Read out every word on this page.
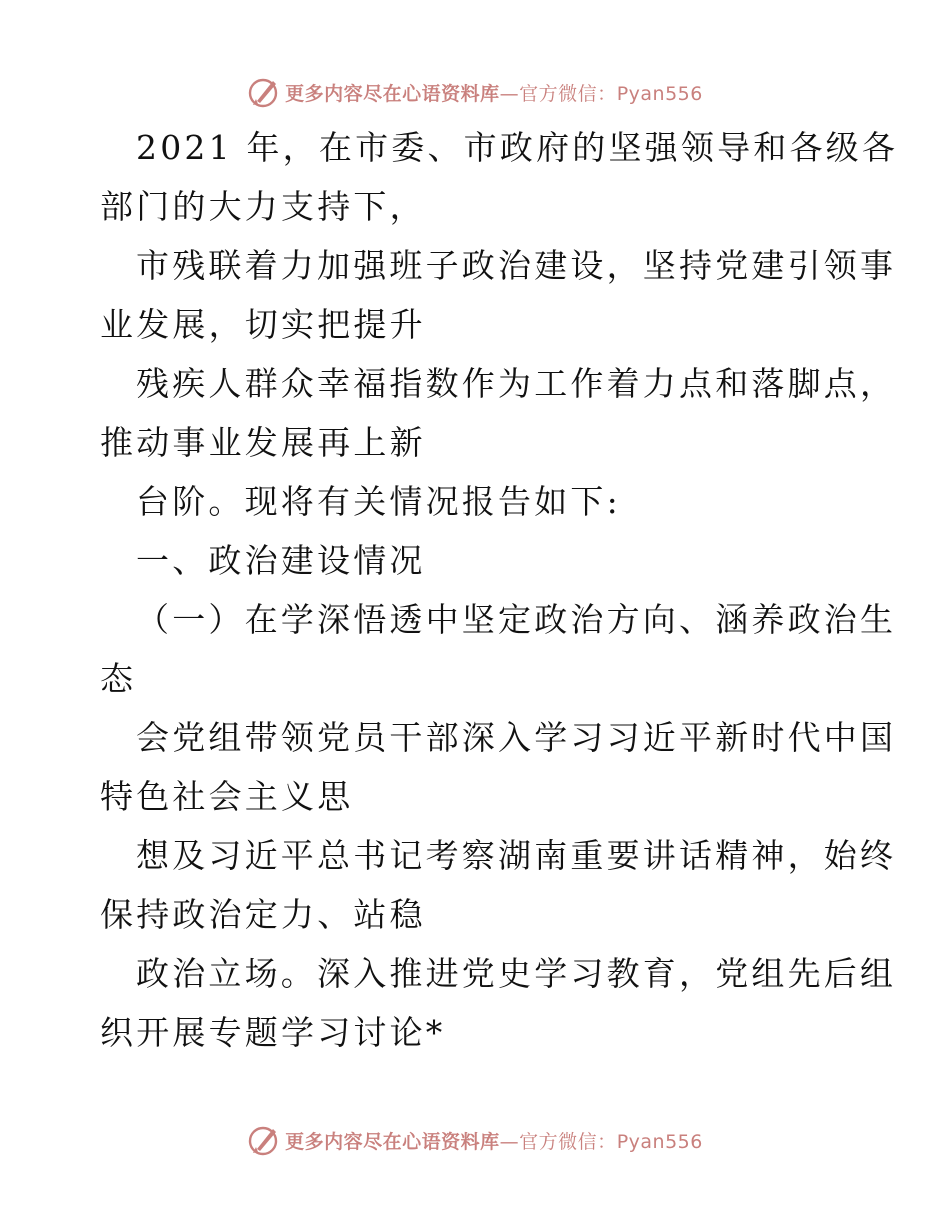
更多内容尽在心语资料库—官方微信：Pyan556
2021 年，在市委、市政府的坚强领导和各级各
部门的大力支持下，
市残联着力加强班子政治建设，坚持党建引领事
业发展，切实把提升
残疾人群众幸福指数作为工作着力点和落脚点，
推动事业发展再上新
台阶。现将有关情况报告如下:
一、政治建设情况
（一）在学深悟透中坚定政治方向、涵养政治生
态
会党组带领党员干部深入学习习近平新时代中国
特色社会主义思
想及习近平总书记考察湖南重要讲话精神，始终
保持政治定力、站稳
政治立场。深入推进党史学习教育，党组先后组
织开展专题学习讨论*
更多内容尽在心语资料库—官方微信：Pyan556
